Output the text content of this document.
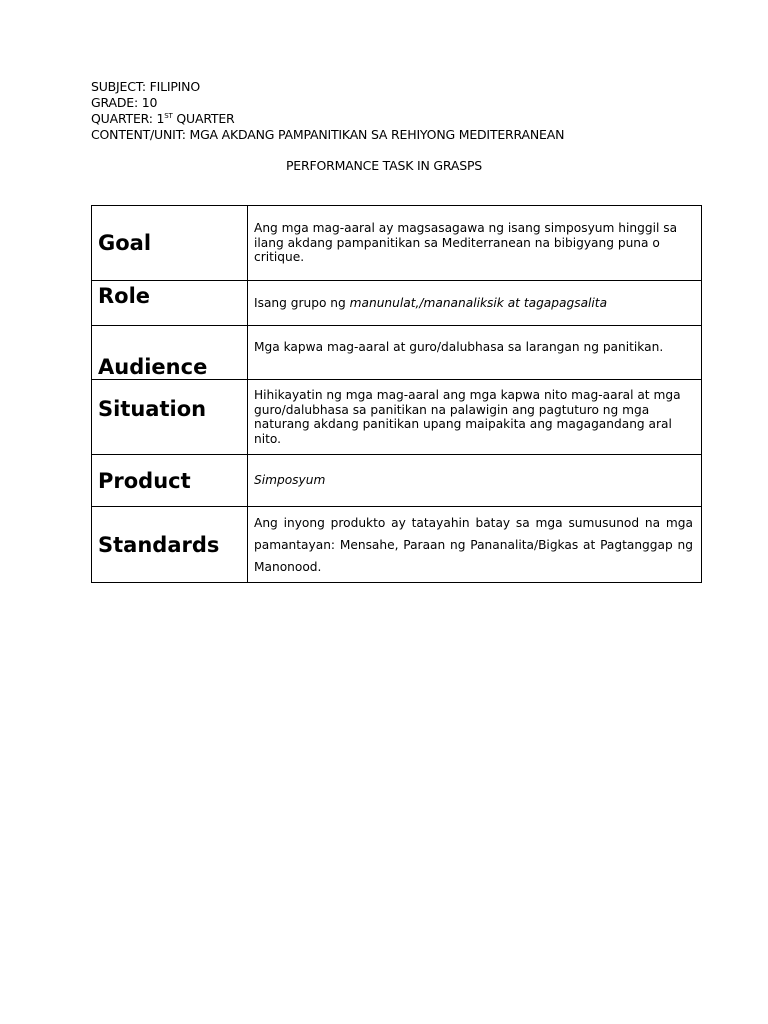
SUBJECT: FILIPINO
GRADE: 10
QUARTER: 1ST QUARTER
CONTENT/UNIT: MGA AKDANG PAMPANITIKAN SA REHIYONG MEDITERRANEAN
PERFORMANCE TASK IN GRASPS
Goal	Ang mga mag-aaral ay magsasagawa ng isang simposyum hinggil sa ilang akdang pampanitikan sa Mediterranean na bibigyang puna o critique.
Role	Isang grupo ng manunulat,/mananaliksik at tagapagsalita
Audience	Mga kapwa mag-aaral at guro/dalubhasa sa larangan ng panitikan.
Situation	Hihikayatin ng mga mag-aaral ang mga kapwa nito mag-aaral at mga guro/dalubhasa sa panitikan na palawigin ang pagtuturo ng mga naturang akdang panitikan upang maipakita ang magagandang aral nito.
Product	Simposyum
Standards	Ang inyong produkto ay tatayahin batay sa mga sumusunod na mga pamantayan: Mensahe, Paraan ng Pananalita/Bigkas at Pagtanggap ng Manonood.
